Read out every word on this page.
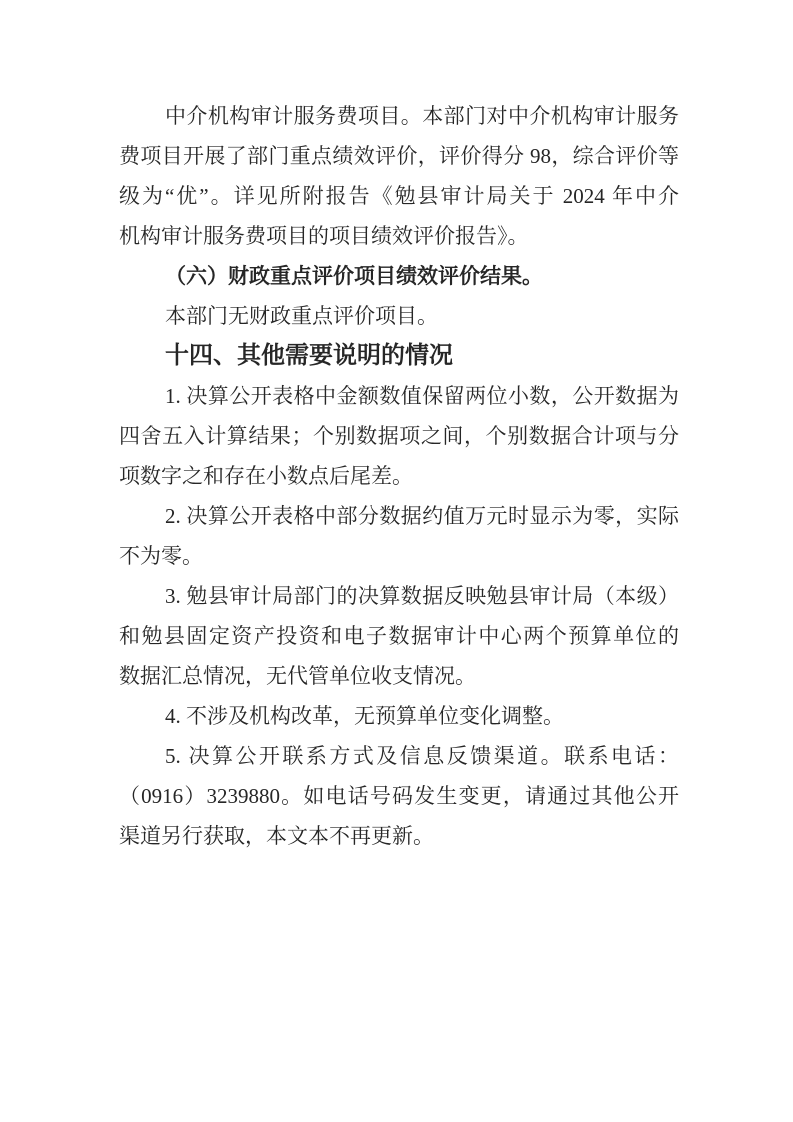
中介机构审计服务费项目。本部门对中介机构审计服务
费项目开展了部门重点绩效评价，评价得分 98，综合评价等
级为“优”。详见所附报告《勉县审计局关于 2024 年中介
机构审计服务费项目的项目绩效评价报告》。
（六）财政重点评价项目绩效评价结果。
本部门无财政重点评价项目。
十四、其他需要说明的情况
1. 决算公开表格中金额数值保留两位小数，公开数据为
四舍五入计算结果；个别数据项之间，个别数据合计项与分
项数字之和存在小数点后尾差。
2. 决算公开表格中部分数据约值万元时显示为零，实际
不为零。
3. 勉县审计局部门的决算数据反映勉县审计局（本级）
和勉县固定资产投资和电子数据审计中心两个预算单位的
数据汇总情况，无代管单位收支情况。
4. 不涉及机构改革，无预算单位变化调整。
5. 决算公开联系方式及信息反馈渠道。联系电话：
（0916）3239880。如电话号码发生变更，请通过其他公开
渠道另行获取，本文本不再更新。
